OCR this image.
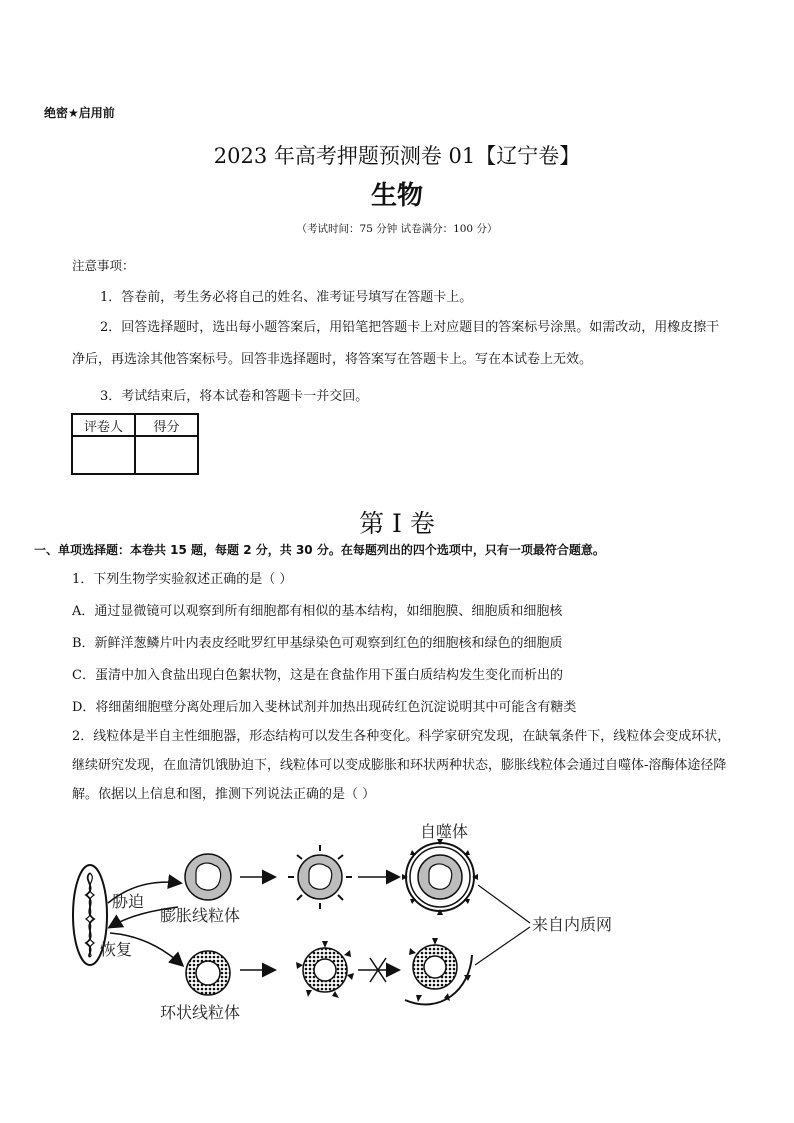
绝密★启用前
2023 年高考押题预测卷 01【辽宁卷】
生物
（考试时间：75 分钟 试卷满分：100 分）
注意事项：
1．答卷前，考生务必将自己的姓名、准考证号填写在答题卡上。
2．回答选择题时，选出每小题答案后，用铅笔把答题卡上对应题目的答案标号涂黑。如需改动，用橡皮擦干净后，再选涂其他答案标号。回答非选择题时，将答案写在答题卡上。写在本试卷上无效。
3．考试结束后，将本试卷和答题卡一并交回。
评卷人	得分

第 I 卷
一、单项选择题：本卷共 15 题，每题 2 分，共 30 分。在每题列出的四个选项中，只有一项最符合题意。
1．下列生物学实验叙述正确的是（ ）
A．通过显微镜可以观察到所有细胞都有相似的基本结构，如细胞膜、细胞质和细胞核
B．新鲜洋葱鳞片叶内表皮经吡罗红甲基绿染色可观察到红色的细胞核和绿色的细胞质
C．蛋清中加入食盐出现白色絮状物，这是在食盐作用下蛋白质结构发生变化而析出的
D．将细菌细胞壁分离处理后加入斐林试剂并加热出现砖红色沉淀说明其中可能含有糖类
2．线粒体是半自主性细胞器，形态结构可以发生各种变化。科学家研究发现，在缺氧条件下，线粒体会变成环状，继续研究发现，在血清饥饿胁迫下，线粒体可以变成膨胀和环状两种状态，膨胀线粒体会通过自噬体-溶酶体途径降解。依据以上信息和图，推测下列说法正确的是（ ）
胁迫
恢复
膨胀线粒体
自噬体
环状线粒体
来自内质网
